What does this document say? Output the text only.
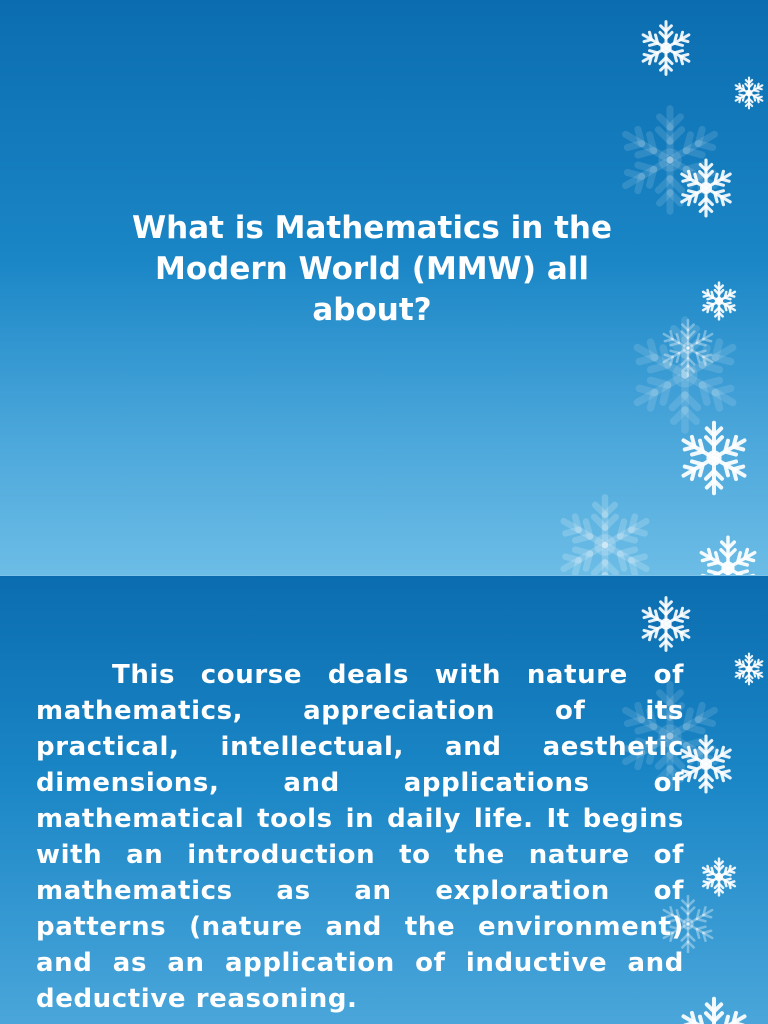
What is Mathematics in the Modern World (MMW) all about?
This course deals with nature of mathematics, appreciation of its practical, intellectual, and aesthetic dimensions, and applications of mathematical tools in daily life. It begins with an introduction to the nature of mathematics as an exploration of patterns (nature and the environment) and as an application of inductive and deductive reasoning.
